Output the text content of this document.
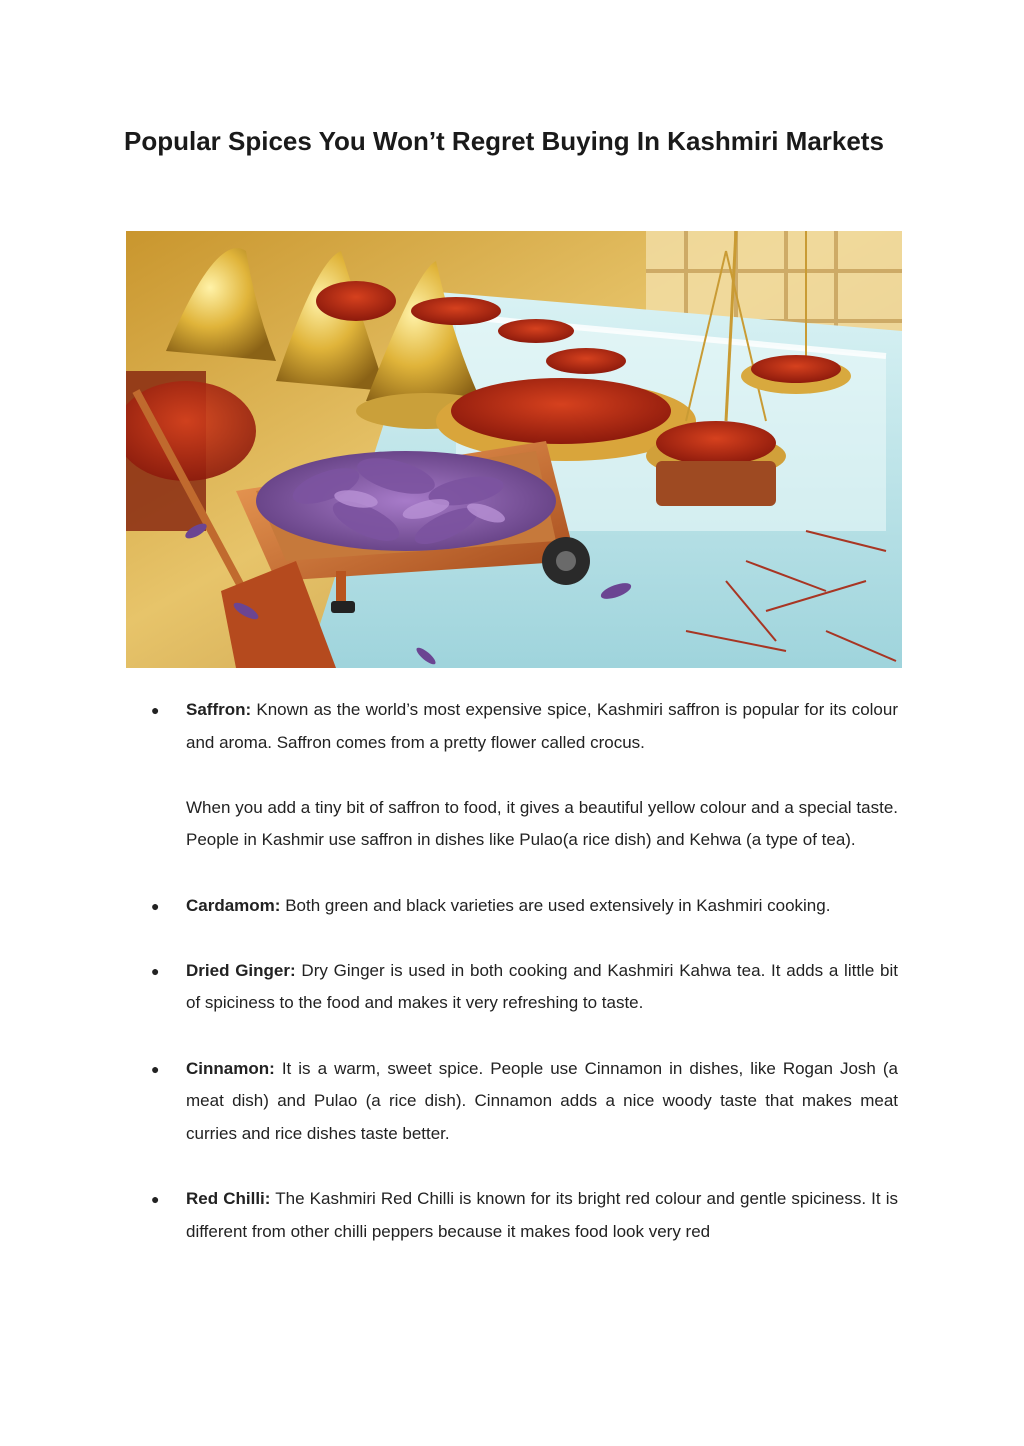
Popular Spices You Won’t Regret Buying In Kashmiri Markets
● Saffron: Known as the world’s most expensive spice, Kashmiri saffron is popular for its colour and aroma. Saffron comes from a pretty flower called crocus.

When you add a tiny bit of saffron to food, it gives a beautiful yellow colour and a special taste. People in Kashmir use saffron in dishes like Pulao(a rice dish) and Kehwa (a type of tea).

● Cardamom: Both green and black varieties are used extensively in Kashmiri cooking.

● Dried Ginger: Dry Ginger is used in both cooking and Kashmiri Kahwa tea. It adds a little bit of spiciness to the food and makes it very refreshing to taste.

● Cinnamon: It is a warm, sweet spice. People use Cinnamon in dishes, like Rogan Josh (a meat dish) and Pulao (a rice dish). Cinnamon adds a nice woody taste that makes meat curries and rice dishes taste better.

● Red Chilli: The Kashmiri Red Chilli is known for its bright red colour and gentle spiciness. It is different from other chilli peppers because it makes food look very red
